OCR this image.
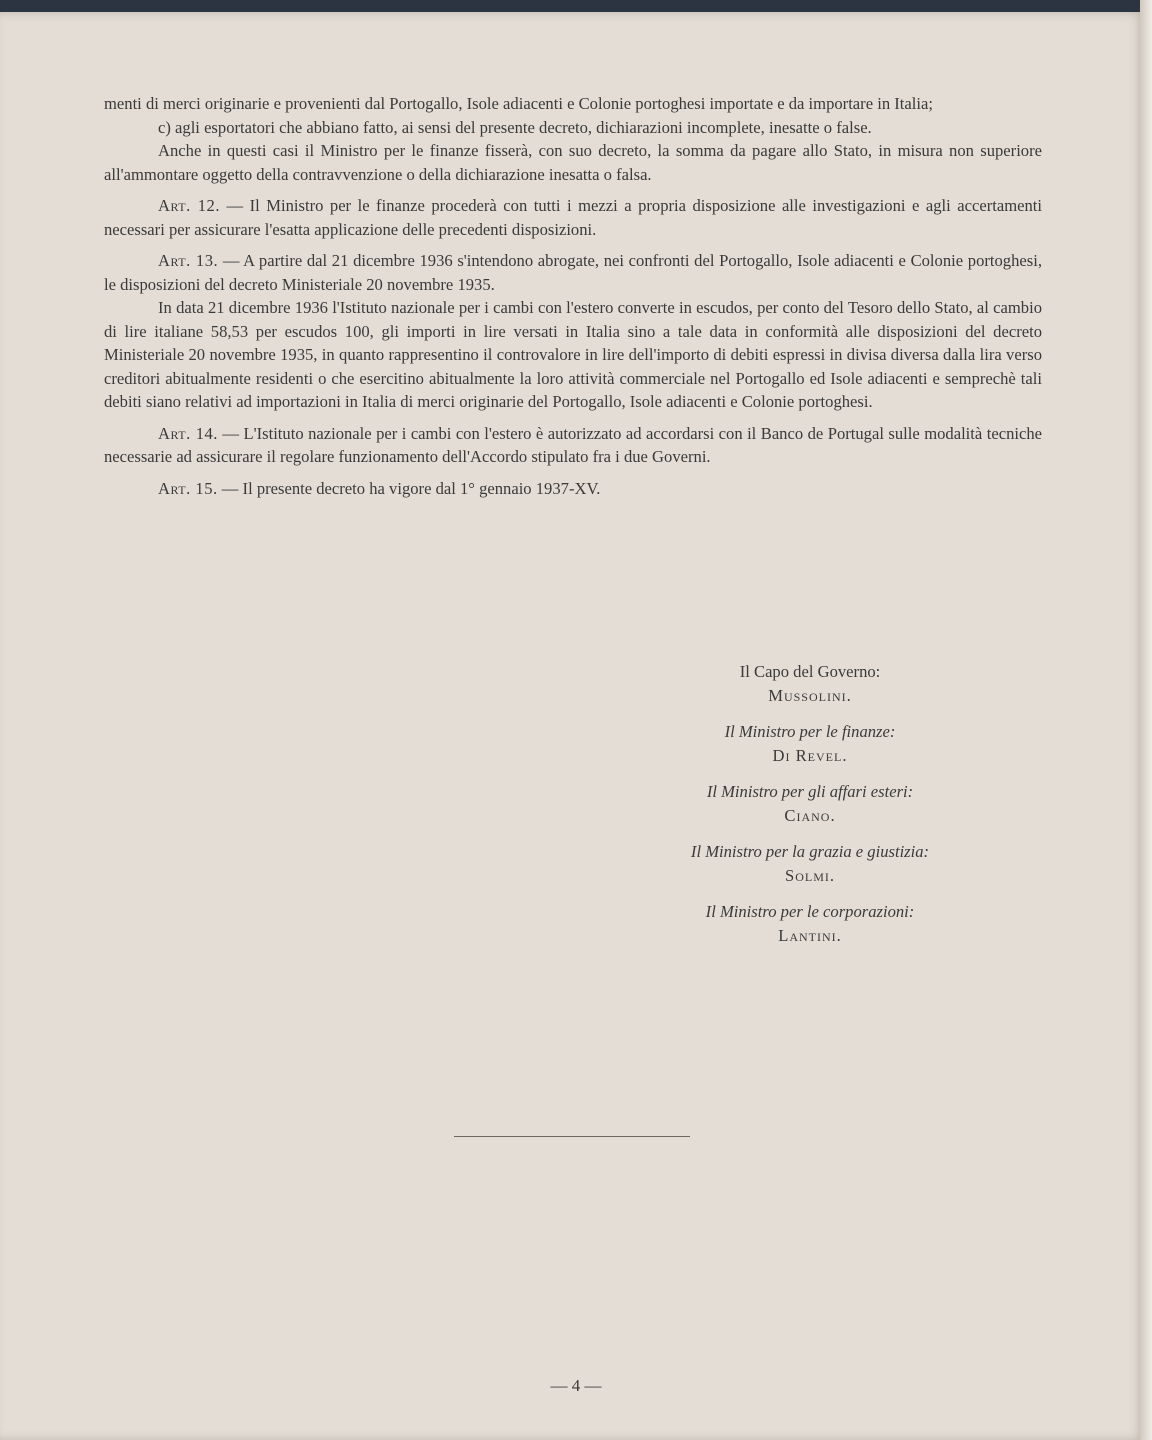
menti di merci originarie e provenienti dal Portogallo, Isole adiacenti e Colonie portoghesi importate e da importare in Italia;

c) agli esportatori che abbiano fatto, ai sensi del presente decreto, dichiarazioni incomplete, inesatte o false.

Anche in questi casi il Ministro per le finanze fisserà, con suo decreto, la somma da pagare allo Stato, in misura non superiore all'ammontare oggetto della contravvenzione o della dichiarazione inesatta o falsa.

Art. 12. — Il Ministro per le finanze procederà con tutti i mezzi a propria disposizione alle investigazioni e agli accertamenti necessari per assicurare l'esatta applicazione delle precedenti disposizioni.

Art. 13. — A partire dal 21 dicembre 1936 s'intendono abrogate, nei confronti del Portogallo, Isole adiacenti e Colonie portoghesi, le disposizioni del decreto Ministeriale 20 novembre 1935.

In data 21 dicembre 1936 l'Istituto nazionale per i cambi con l'estero converte in escudos, per conto del Tesoro dello Stato, al cambio di lire italiane 58,53 per escudos 100, gli importi in lire versati in Italia sino a tale data in conformità alle disposizioni del decreto Ministeriale 20 novembre 1935, in quanto rappresentino il controvalore in lire dell'importo di debiti espressi in divisa diversa dalla lira verso creditori abitualmente residenti o che esercitino abitualmente la loro attività commerciale nel Portogallo ed Isole adiacenti e semprechè tali debiti siano relativi ad importazioni in Italia di merci originarie del Portogallo, Isole adiacenti e Colonie portoghesi.

Art. 14. — L'Istituto nazionale per i cambi con l'estero è autorizzato ad accordarsi con il Banco de Portugal sulle modalità tecniche necessarie ad assicurare il regolare funzionamento dell'Accordo stipulato fra i due Governi.

Art. 15. — Il presente decreto ha vigore dal 1° gennaio 1937-XV.

Il Capo del Governo:
Mussolini.
Il Ministro per le finanze:
Di Revel.
Il Ministro per gli affari esteri:
Ciano.
Il Ministro per la grazia e giustizia:
Solmi.
Il Ministro per le corporazioni:
Lantini.
— 4 —
